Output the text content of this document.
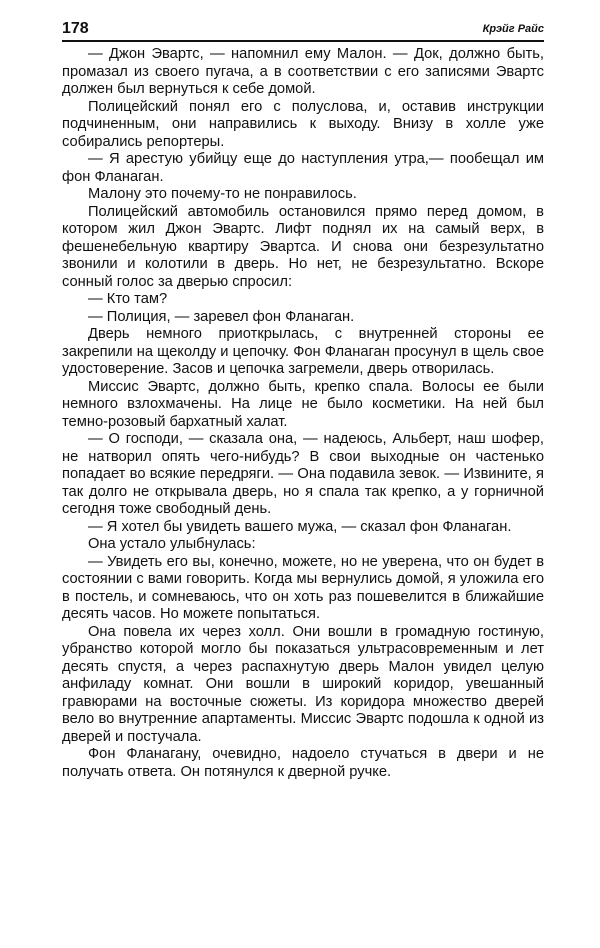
178	Крэйг Райс

— Джон Эвартс, — напомнил ему Малон. — Док, должно быть, промазал из своего пугача, а в соответствии с его записями Эвартс должен был вернуться к себе домой.

Полицейский понял его с полуслова, и, оставив инструкции подчиненным, они направились к выходу. Внизу в холле уже собирались репортеры.

— Я арестую убийцу еще до наступления утра,— пообещал им фон Фланаган.

Малону это почему-то не понравилось.

Полицейский автомобиль остановился прямо перед домом, в котором жил Джон Эвартс. Лифт поднял их на самый верх, в фешенебельную квартиру Эвартса. И снова они безрезультатно звонили и колотили в дверь. Но нет, не безрезультатно. Вскоре сонный голос за дверью спросил:

— Кто там?

— Полиция, — заревел фон Фланаган.

Дверь немного приоткрылась, с внутренней стороны ее закрепили на щеколду и цепочку. Фон Фланаган просунул в щель свое удостоверение. Засов и цепочка загремели, дверь отворилась.

Миссис Эвартс, должно быть, крепко спала. Волосы ее были немного взлохмачены. На лице не было косметики. На ней был темно-розовый бархатный халат.

— О господи, — сказала она, — надеюсь, Альберт, наш шофер, не натворил опять чего-нибудь? В свои выходные он частенько попадает во всякие передряги. — Она подавила зевок. — Извините, я так долго не открывала дверь, но я спала так крепко, а у горничной сегодня тоже свободный день.

— Я хотел бы увидеть вашего мужа, — сказал фон Фланаган.

Она устало улыбнулась:

— Увидеть его вы, конечно, можете, но не уверена, что он будет в состоянии с вами говорить. Когда мы вернулись домой, я уложила его в постель, и сомневаюсь, что он хоть раз пошевелится в ближайшие десять часов. Но можете попытаться.

Она повела их через холл. Они вошли в громадную гостиную, убранство которой могло бы показаться ультрасовременным и лет десять спустя, а через распахнутую дверь Малон увидел целую анфиладу комнат. Они вошли в широкий коридор, увешанный гравюрами на восточные сюжеты. Из коридора множество дверей вело во внутренние апартаменты. Миссис Эвартс подошла к одной из дверей и постучала.

Фон Фланагану, очевидно, надоело стучаться в двери и не получать ответа. Он потянулся к дверной ручке.
